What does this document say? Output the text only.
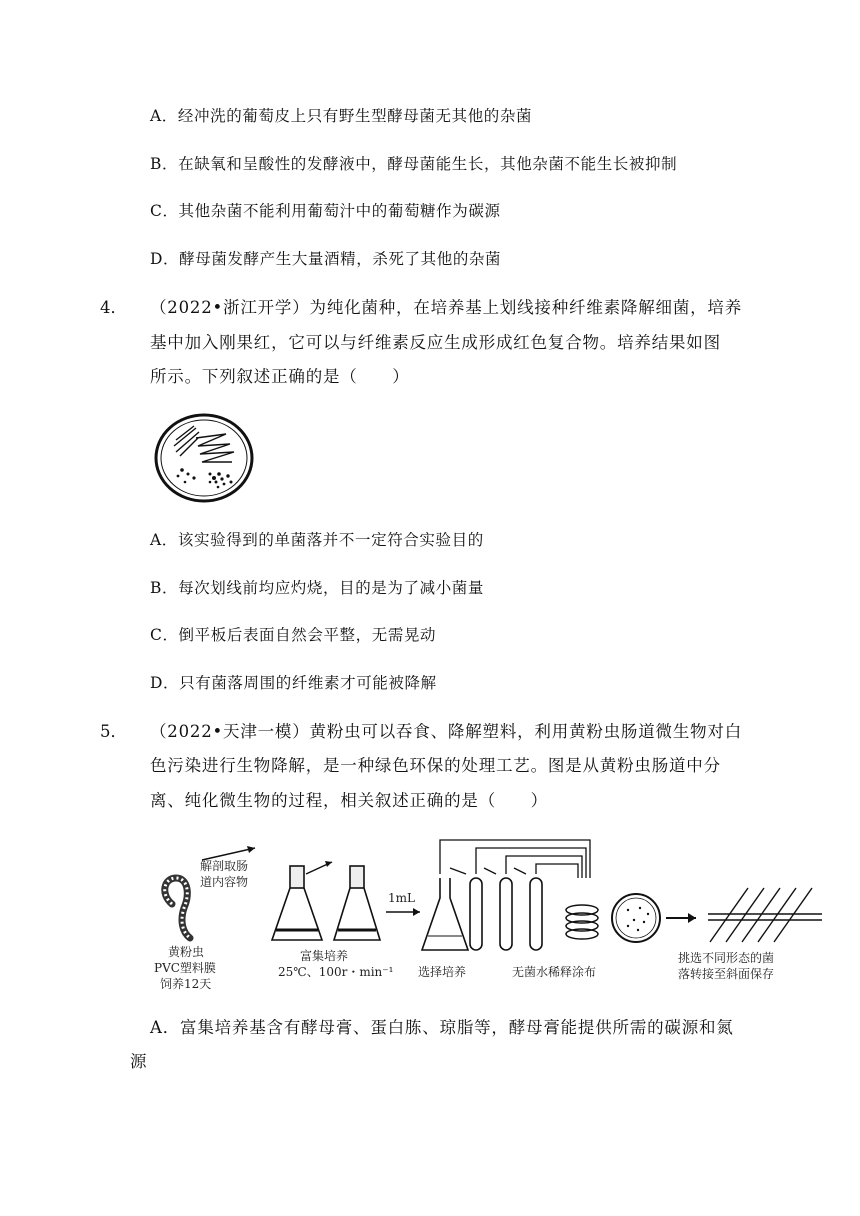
A．经冲洗的葡萄皮上只有野生型酵母菌无其他的杂菌
B．在缺氧和呈酸性的发酵液中，酵母菌能生长，其他杂菌不能生长被抑制
C．其他杂菌不能利用葡萄汁中的葡萄糖作为碳源
D．酵母菌发酵产生大量酒精，杀死了其他的杂菌
4． （2022•浙江开学）为纯化菌种，在培养基上划线接种纤维素降解细菌，培养
基中加入刚果红，它可以与纤维素反应生成形成红色复合物。培养结果如图
所示。下列叙述正确的是（　　）
A．该实验得到的单菌落并不一定符合实验目的
B．每次划线前均应灼烧，目的是为了减小菌量
C．倒平板后表面自然会平整，无需晃动
D．只有菌落周围的纤维素才可能被降解
5． （2022•天津一模）黄粉虫可以吞食、降解塑料，利用黄粉虫肠道微生物对白
色污染进行生物降解，是一种绿色环保的处理工艺。图是从黄粉虫肠道中分
离、纯化微生物的过程，相关叙述正确的是（　　）
解剖取肠
道内容物
黄粉虫
PVC塑料膜
饲养12天
富集培养
25℃、100r・min⁻¹
1mL
选择培养	无菌水稀释涂布
挑选不同形态的菌
落转接至斜面保存
A．富集培养基含有酵母膏、蛋白胨、琼脂等，酵母膏能提供所需的碳源和氮
源
